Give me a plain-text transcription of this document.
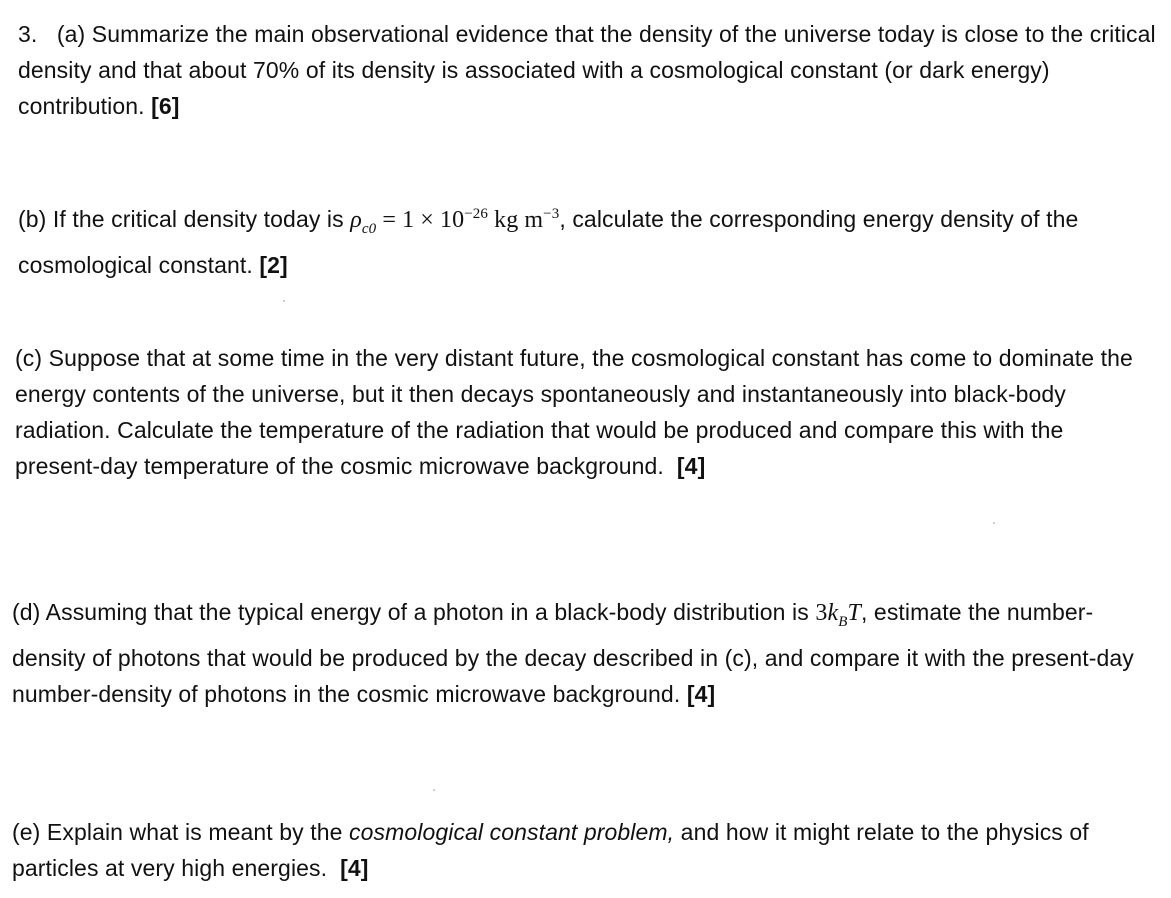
3. (a) Summarize the main observational evidence that the density of the universe today is close to the critical density and that about 70% of its density is associated with a cosmological constant (or dark energy) contribution. [6]
(b) If the critical density today is $\rho_{c0} = 1 \times 10^{-26}$ kg $m^{-3}$, calculate the corresponding energy density of the cosmological constant. [2]
(c) Suppose that at some time in the very distant future, the cosmological constant has come to dominate the energy contents of the universe, but it then decays spontaneously and instantaneously into black-body radiation. Calculate the temperature of the radiation that would be produced and compare this with the present-day temperature of the cosmic microwave background. [4]
(d) Assuming that the typical energy of a photon in a black-body distribution is $3k_BT$, estimate the number-density of photons that would be produced by the decay described in (c), and compare it with the present-day number-density of photons in the cosmic microwave background. [4]
(e) Explain what is meant by the cosmological constant problem, and how it might relate to the physics of particles at very high energies. [4]
